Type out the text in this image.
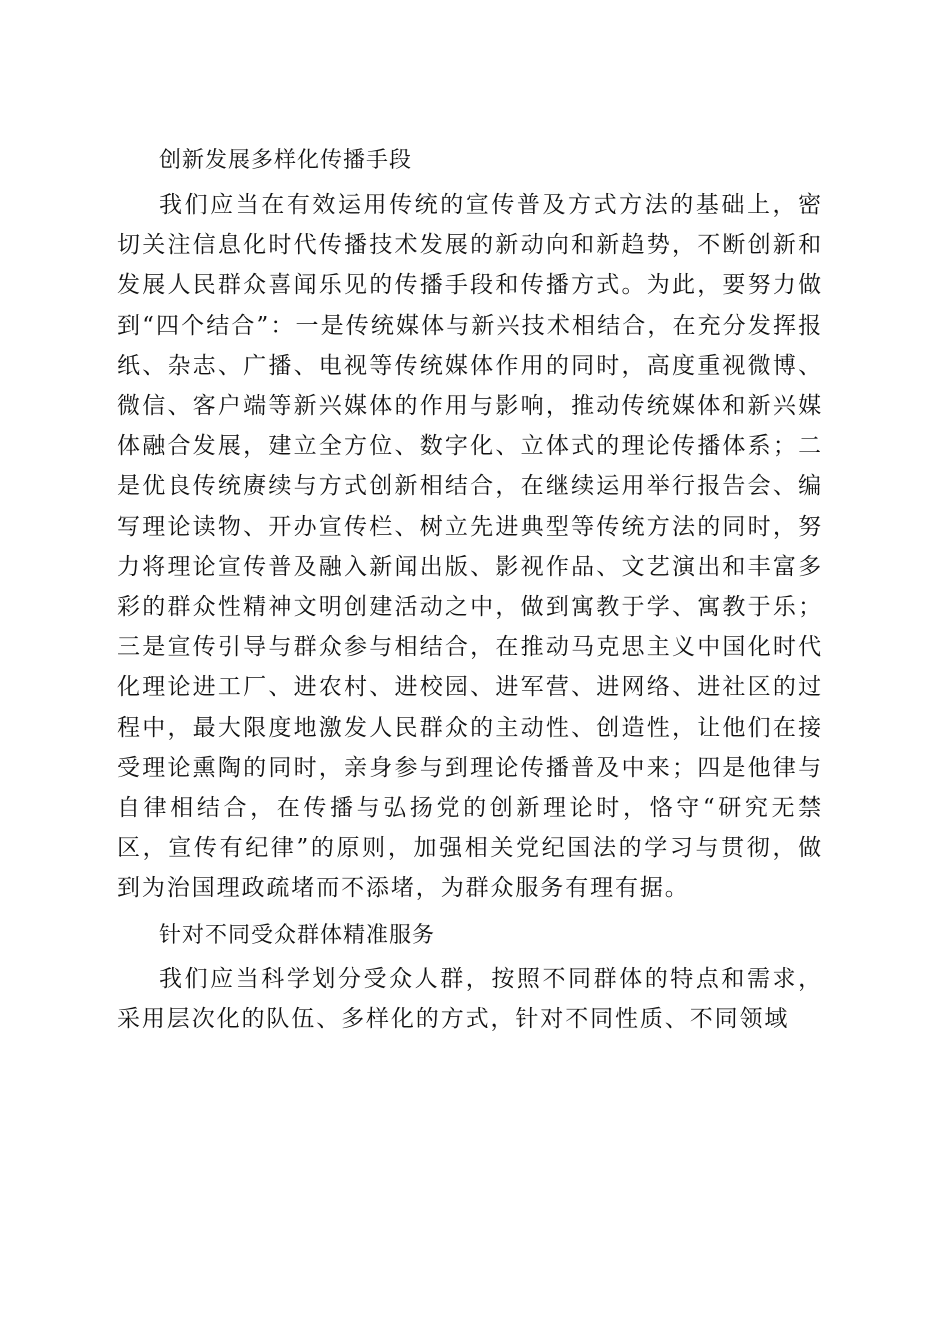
创新发展多样化传播手段

我们应当在有效运用传统的宣传普及方式方法的基础上，密切关注信息化时代传播技术发展的新动向和新趋势，不断创新和发展人民群众喜闻乐见的传播手段和传播方式。为此，要努力做到“四个结合”：一是传统媒体与新兴技术相结合，在充分发挥报纸、杂志、广播、电视等传统媒体作用的同时，高度重视微博、微信、客户端等新兴媒体的作用与影响，推动传统媒体和新兴媒体融合发展，建立全方位、数字化、立体式的理论传播体系；二是优良传统赓续与方式创新相结合，在继续运用举行报告会、编写理论读物、开办宣传栏、树立先进典型等传统方法的同时，努力将理论宣传普及融入新闻出版、影视作品、文艺演出和丰富多彩的群众性精神文明创建活动之中，做到寓教于学、寓教于乐；三是宣传引导与群众参与相结合，在推动马克思主义中国化时代化理论进工厂、进农村、进校园、进军营、进网络、进社区的过程中，最大限度地激发人民群众的主动性、创造性，让他们在接受理论熏陶的同时，亲身参与到理论传播普及中来；四是他律与自律相结合，在传播与弘扬党的创新理论时，恪守“研究无禁区，宣传有纪律”的原则，加强相关党纪国法的学习与贯彻，做到为治国理政疏堵而不添堵，为群众服务有理有据。

针对不同受众群体精准服务

我们应当科学划分受众人群，按照不同群体的特点和需求，采用层次化的队伍、多样化的方式，针对不同性质、不同领域
